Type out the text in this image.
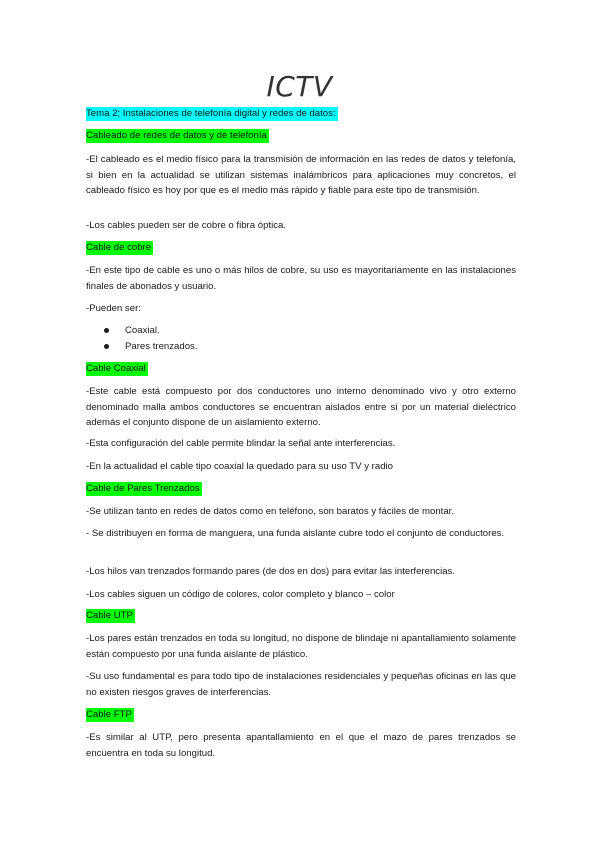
ICTV
Tema 2; Instalaciones de telefonía digital y redes de datos:
Cableado de redes de datos y de telefonía
-El cableado es el medio físico para la transmisión de información en las redes de datos y telefonía, si bien en la actualidad se utilizan sistemas inalámbricos para aplicaciones muy concretos, el cableado físico es hoy por que es el medio más rápido y fiable para este tipo de transmisión.
-Los cables pueden ser de cobre o fibra óptica.
Cable de cobre
-En este tipo de cable es uno o más hilos de cobre, su uso es mayoritariamente en las instalaciones finales de abonados y usuario.
-Pueden ser:
Coaxial.
Pares trenzados.
Cable Coaxial
-Este cable está compuesto por dos conductores uno interno denominado vivo y otro externo denominado malla ambos conductores se encuentran aislados entre sí por un material dieléctrico además el conjunto dispone de un aislamiento externo.
-Esta configuración del cable permite blindar la señal ante interferencias.
-En la actualidad el cable tipo coaxial la quedado para su uso TV y radio
Cable de Pares Trenzados
-Se utilizan tanto en redes de datos como en teléfono, son baratos y fáciles de montar.
- Se distribuyen en forma de manguera, una funda aislante cubre todo el conjunto de conductores.
-Los hilos van trenzados formando pares (de dos en dos) para evitar las interferencias.
-Los cables siguen un código de colores, color completo y blanco – color
Cable UTP
-Los pares están trenzados en toda su longitud, no dispone de blindaje ni apantallamiento solamente están compuesto por una funda aislante de plástico.
-Su uso fundamental es para todo tipo de instalaciones residenciales y pequeñas oficinas en las que no existen riesgos graves de interferencias.
Cable FTP
-Es similar al UTP, pero presenta apantallamiento en el que el mazo de pares trenzados se encuentra en toda su longitud.
